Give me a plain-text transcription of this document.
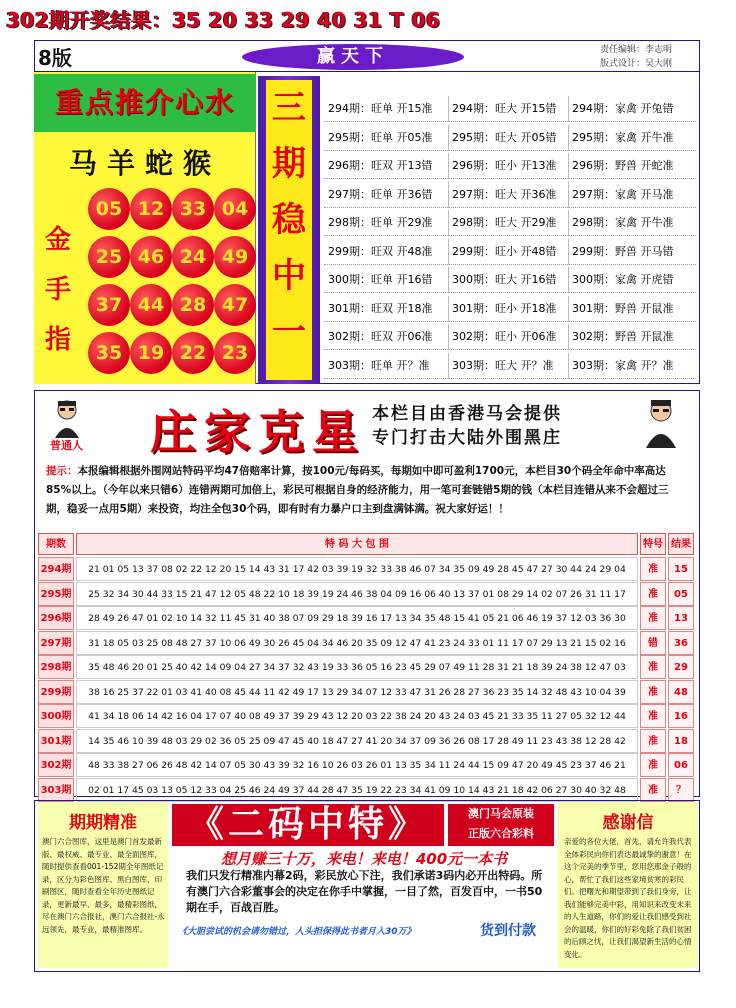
302期开奖结果：35 20 33 29 40 31 T 06
8版	赢天下	责任编辑：李志明
版式设计：吴大刚
重点推介心水
马羊蛇猴
金
手
指
05 12 33 04
25 46 24 49
37 44 28 47
35 19 22 23
三
期
稳
中
一
294期：旺单 开15准 294期：旺大 开15错 294期：家禽 开兔错
295期：旺单 开05准 295期：旺大 开05错 295期：家禽 开牛准
296期：旺双 开13错 296期：旺小 开13准 296期：野兽 开蛇准
297期：旺单 开36错 297期：旺大 开36准 297期：家禽 开马准
298期：旺单 开29准 298期：旺大 开29准 298期：家禽 开牛准
299期：旺双 开48准 299期：旺小 开48错 299期：野兽 开马错
300期：旺单 开16错 300期：旺大 开16错 300期：家禽 开虎错
301期：旺双 开18准 301期：旺小 开18准 301期：野兽 开鼠准
302期：旺双 开06准 302期：旺小 开06准 302期：野兽 开鼠准
303期：旺单 开？准 303期：旺大 开？准 303期：家禽 开？准
普通人 庄家克星 本栏目由香港马会提供
专门打击大陆外围黑庄
提示：本报编辑根据外围网站特码平均47倍赔率计算，按100元/每码买，每期如中即可盈利1700元，本栏目30个码全年命中率高达85%以上。（今年以来只错6）连错两期可加倍上，彩民可根据自身的经济能力，用一笔可套链错5期的钱（本栏目连错从来不会超过三期，稳妥一点用5期）来投资，均注全包30个码，即有时有力暴户口主到盘满钵满。祝大家好运！！
期数	特 码 大 包 围	特号 结果
294期	21 01 05 13 37 08 02 22 12 20 15 14 43 31 17 42 03 39 19 32 33 38 46 07 34 35 09 49 28 45 47 27 30 44 24 29 04	准	15
295期	25 32 34 30 44 33 15 21 47 12 05 48 22 10 18 39 19 24 46 38 04 09 16 06 40 13 37 01 08 29 14 02 07 26 31 11 17	准	05
296期	28 49 26 47 01 02 10 14 32 11 45 31 40 38 07 09 29 18 39 16 17 13 34 35 48 15 41 05 21 06 46 19 37 12 03 36 30	准	13
297期	31 18 05 03 25 08 48 27 37 10 06 49 30 26 45 04 34 46 20 35 09 12 47 41 23 24 33 01 11 17 07 29 13 21 15 02 16	错	36
298期	35 48 46 20 01 25 40 42 14 09 04 27 34 37 32 43 19 33 36 05 16 23 45 29 07 49 11 28 31 21 18 39 24 38 12 47 03	准	29
299期	38 16 25 37 22 01 03 41 40 08 45 44 11 42 49 17 13 29 34 07 12 33 47 31 26 28 27 36 23 35 14 32 48 43 10 04 39	准	48
300期	41 34 18 06 14 42 16 04 17 07 40 08 49 37 39 29 43 12 20 03 22 38 24 20 43 24 03 45 21 33 35 11 27 05 32 12 44	准	16
301期	14 35 46 10 39 48 03 29 02 36 05 25 09 47 45 40 18 47 27 41 20 34 37 09 36 26 08 17 28 49 11 23 43 38 12 28 42	准	18
302期	48 33 38 27 06 26 48 42 14 07 05 30 43 39 32 16 10 26 03 26 01 13 35 34 11 24 44 15 09 47 20 49 45 23 37 46 21	准	06
303期	02 01 17 45 03 13 05 12 33 04 25 46 24 49 37 44 28 47 35 19 22 23 34 41 09 10 14 43 21 18 42 06 27 30 40 32 48	准	？
期期精准
澳门六合图库，这里是澳门首发最新版、最权威、最专业、最全面图库，随时提供查看001-152期全年图纸记录，区分为彩色图库、黑白图库、印刷图区，随时查看全年历史图纸记录，更新最早、最多，最精彩图纸，尽在澳门六合报社，澳门六合报社-永远领先，最专业，最精准图库。
《二码中特》	澳门马会原装
正版六合彩料
想月赚三十万，来电！来电！400元一本书
我们只发行精准内幕2码，彩民放心下注，我们承诺3码内必开出特码。所有澳门六合彩董事会的决定在你手中掌握，一目了然，百发百中，一书50期在手，百战百胜。
《大胆尝试的机会请勿错过，人头担保得此书者月入30万》	货到付款
感谢信
亲爱的各位大佬，首先，请允许我代表全体彩民向你们表达最诚挚的谢意！在这个完美的季节里，您用您那金子般的心，帮忙了我们这些家境贫寒的彩民们。把曙光和期望带到了我们身旁，让我们能够完美中彩，用知识来改变未来的人生道路，你们的爱让我们感受到社会的温暖，你们的好彩免除了我们贫困的后顾之忧，让我们渴望新生活的心情变化。
